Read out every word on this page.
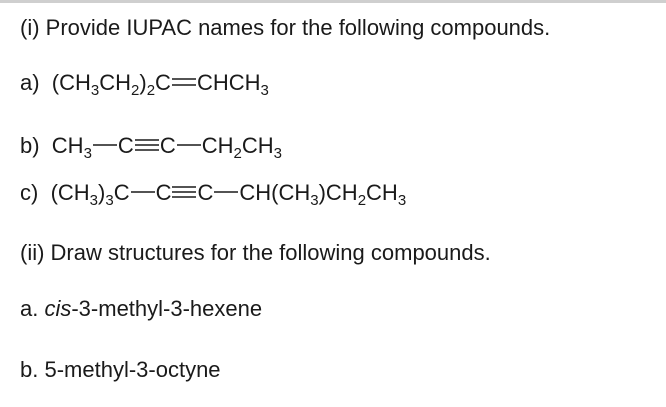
(i) Provide IUPAC names for the following compounds.
a) $(CH_3CH_2)_2C$ $CHCH_3$
b) $CH_3$ C C $CH_2CH_3$
c) $(CH_3)_3C$ C C $CH(CH_3)CH_2CH_3$
(ii) Draw structures for the following compounds.
a. cis-3-methyl-3-hexene
b. 5-methyl-3-octyne
